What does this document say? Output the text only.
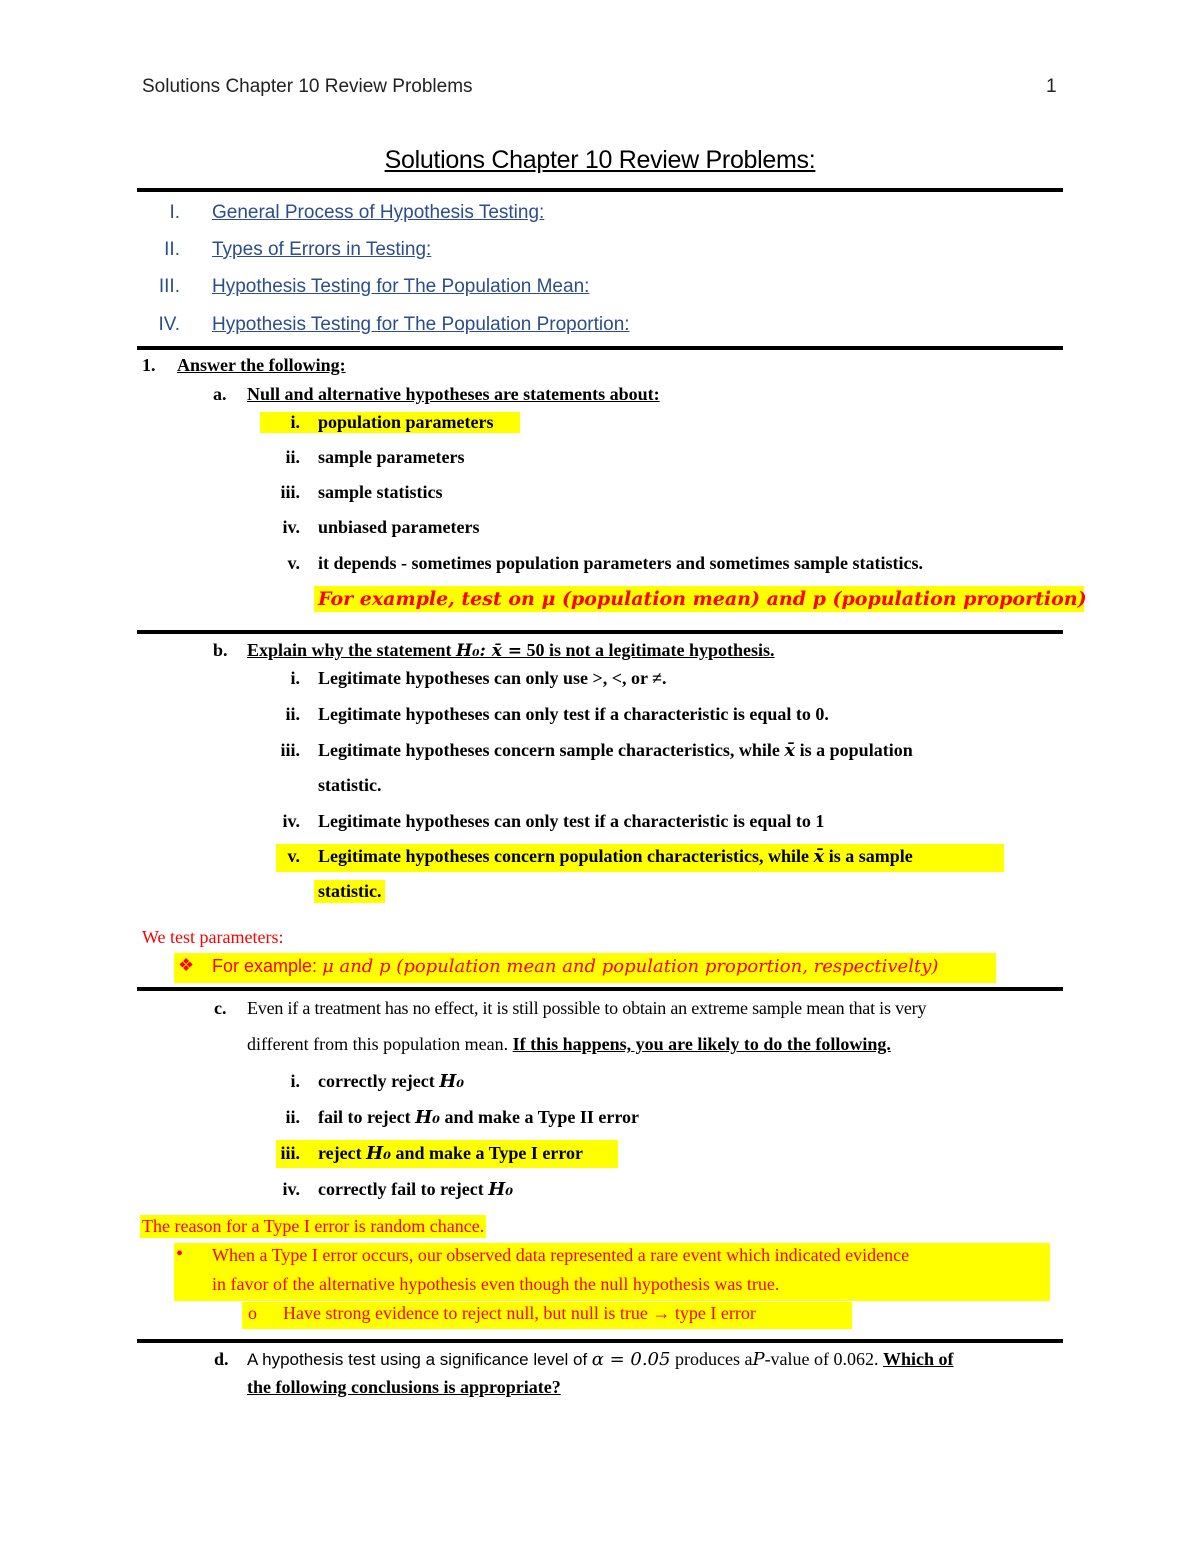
Solutions Chapter 10 Review Problems	1
Solutions Chapter 10 Review Problems:
I. General Process of Hypothesis Testing:
II. Types of Errors in Testing:
III. Hypothesis Testing for The Population Mean:
IV. Hypothesis Testing for The Population Proportion:
1. Answer the following:
a. Null and alternative hypotheses are statements about:
i.	population parameters
ii. sample parameters
iii. sample statistics
iv. unbiased parameters
v. it depends - sometimes population parameters and sometimes sample statistics.
For example, test on μ (population mean) and p (population proportion)
b. Explain why the statement H₀: x̄ = 50 is not a legitimate hypothesis.
i. Legitimate hypotheses can only use >, <, or ≠.
ii. Legitimate hypotheses can only test if a characteristic is equal to 0.
iii. Legitimate hypotheses concern sample characteristics, while x̄ is a population
statistic.
iv. Legitimate hypotheses can only test if a characteristic is equal to 1
v. Legitimate hypotheses concern population characteristics, while x̄ is a sample
statistic.
We test parameters:
❖ For example: μ and p (population mean and population proportion, respectivelty)
c. Even if a treatment has no effect, it is still possible to obtain an extreme sample mean that is very
different from this population mean. If this happens, you are likely to do the following.
i. correctly reject H₀
ii. fail to reject H₀ and make a Type II error
iii. reject H₀ and make a Type I error
iv. correctly fail to reject H₀
The reason for a Type I error is random chance.
• When a Type I error occurs, our observed data represented a rare event which indicated evidence
in favor of the alternative hypothesis even though the null hypothesis was true.
o Have strong evidence to reject null, but null is true → type I error
d. A hypothesis test using a significance level of α = 0.05 produces aP-value of 0.062. Which of
the following conclusions is appropriate?
